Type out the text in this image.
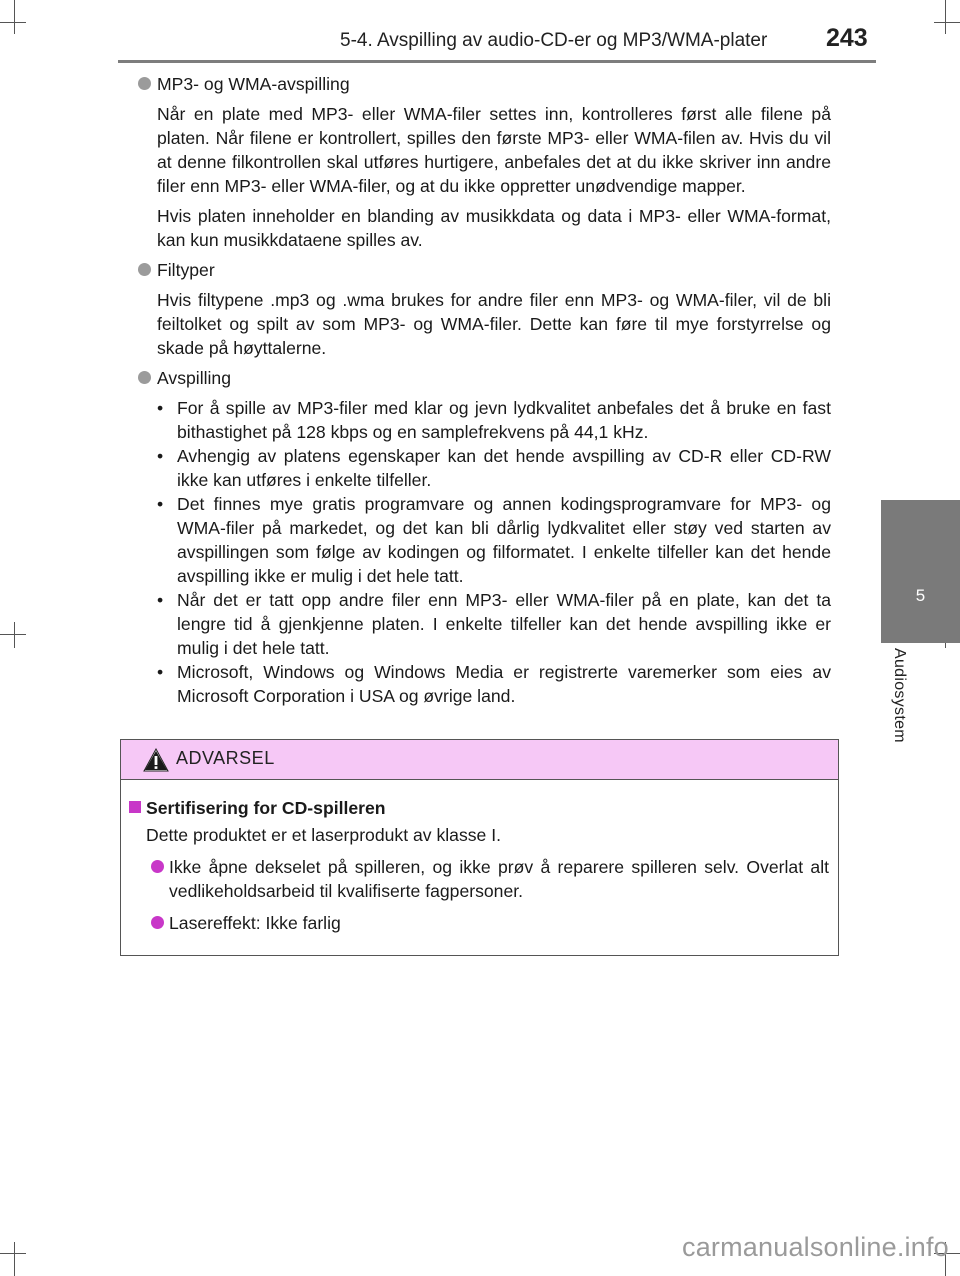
5-4. Avspilling av audio-CD-er og MP3/WMA-plater 243
5
Audiosystem
MP3- og WMA-avspilling
Når en plate med MP3- eller WMA-filer settes inn, kontrolleres først alle filene på platen. Når filene er kontrollert, spilles den første MP3- eller WMA-filen av. Hvis du vil at denne filkontrollen skal utføres hurtigere, anbefales det at du ikke skriver inn andre filer enn MP3- eller WMA-filer, og at du ikke oppretter unødvendige mapper.
Hvis platen inneholder en blanding av musikkdata og data i MP3- eller WMA-format, kan kun musikkdataene spilles av.
Filtyper
Hvis filtypene .mp3 og .wma brukes for andre filer enn MP3- og WMA-filer, vil de bli feiltolket og spilt av som MP3- og WMA-filer. Dette kan føre til mye forstyrrelse og skade på høyttalerne.
Avspilling
• For å spille av MP3-filer med klar og jevn lydkvalitet anbefales det å bruke en fast bithastighet på 128 kbps og en samplefrekvens på 44,1 kHz.
• Avhengig av platens egenskaper kan det hende avspilling av CD-R eller CD-RW ikke kan utføres i enkelte tilfeller.
• Det finnes mye gratis programvare og annen kodingsprogramvare for MP3- og WMA-filer på markedet, og det kan bli dårlig lydkvalitet eller støy ved starten av avspillingen som følge av kodingen og filformatet. I enkelte tilfeller kan det hende avspilling ikke er mulig i det hele tatt.
• Når det er tatt opp andre filer enn MP3- eller WMA-filer på en plate, kan det ta lengre tid å gjenkjenne platen. I enkelte tilfeller kan det hende avspilling ikke er mulig i det hele tatt.
• Microsoft, Windows og Windows Media er registrerte varemerker som eies av Microsoft Corporation i USA og øvrige land.
ADVARSEL
Sertifisering for CD-spilleren
Dette produktet er et laserprodukt av klasse I.
Ikke åpne dekselet på spilleren, og ikke prøv å reparere spilleren selv. Overlat alt vedlikeholdsarbeid til kvalifiserte fagpersoner.
Lasereffekt: Ikke farlig
carmanualsonline.info
